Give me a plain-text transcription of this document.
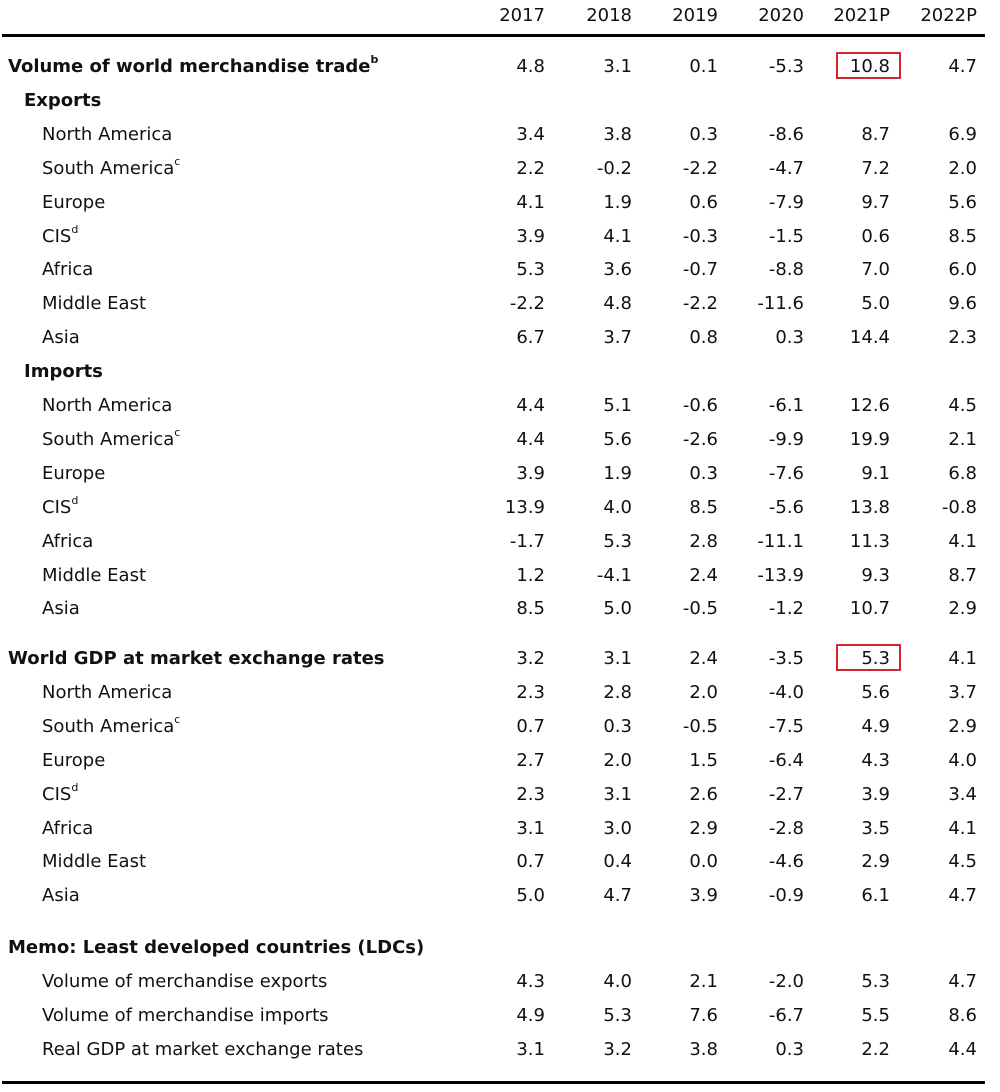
2017	2018	2019	2020	2021P	2022P
Volume of world merchandise trade$^b$	4.8	3.1	0.1	-5.3	10.8	4.7
Exports
North America	3.4	3.8	0.3	-8.6	8.7	6.9
South America$^c$	2.2	-0.2	-2.2	-4.7	7.2	2.0
Europe	4.1	1.9	0.6	-7.9	9.7	5.6
CIS$^d$	3.9	4.1	-0.3	-1.5	0.6	8.5
Africa	5.3	3.6	-0.7	-8.8	7.0	6.0
Middle East	-2.2	4.8	-2.2	-11.6	5.0	9.6
Asia	6.7	3.7	0.8	0.3	14.4	2.3
Imports
North America	4.4	5.1	-0.6	-6.1	12.6	4.5
South America$^c$	4.4	5.6	-2.6	-9.9	19.9	2.1
Europe	3.9	1.9	0.3	-7.6	9.1	6.8
CIS$^d$	13.9	4.0	8.5	-5.6	13.8	-0.8
Africa	-1.7	5.3	2.8	-11.1	11.3	4.1
Middle East	1.2	-4.1	2.4	-13.9	9.3	8.7
Asia	8.5	5.0	-0.5	-1.2	10.7	2.9
World GDP at market exchange rates	3.2	3.1	2.4	-3.5	5.3	4.1
North America	2.3	2.8	2.0	-4.0	5.6	3.7
South America$^c$	0.7	0.3	-0.5	-7.5	4.9	2.9
Europe	2.7	2.0	1.5	-6.4	4.3	4.0
CIS$^d$	2.3	3.1	2.6	-2.7	3.9	3.4
Africa	3.1	3.0	2.9	-2.8	3.5	4.1
Middle East	0.7	0.4	0.0	-4.6	2.9	4.5
Asia	5.0	4.7	3.9	-0.9	6.1	4.7
Memo: Least developed countries (LDCs)
Volume of merchandise exports	4.3	4.0	2.1	-2.0	5.3	4.7
Volume of merchandise imports	4.9	5.3	7.6	-6.7	5.5	8.6
Real GDP at market exchange rates	3.1	3.2	3.8	0.3	2.2	4.4
